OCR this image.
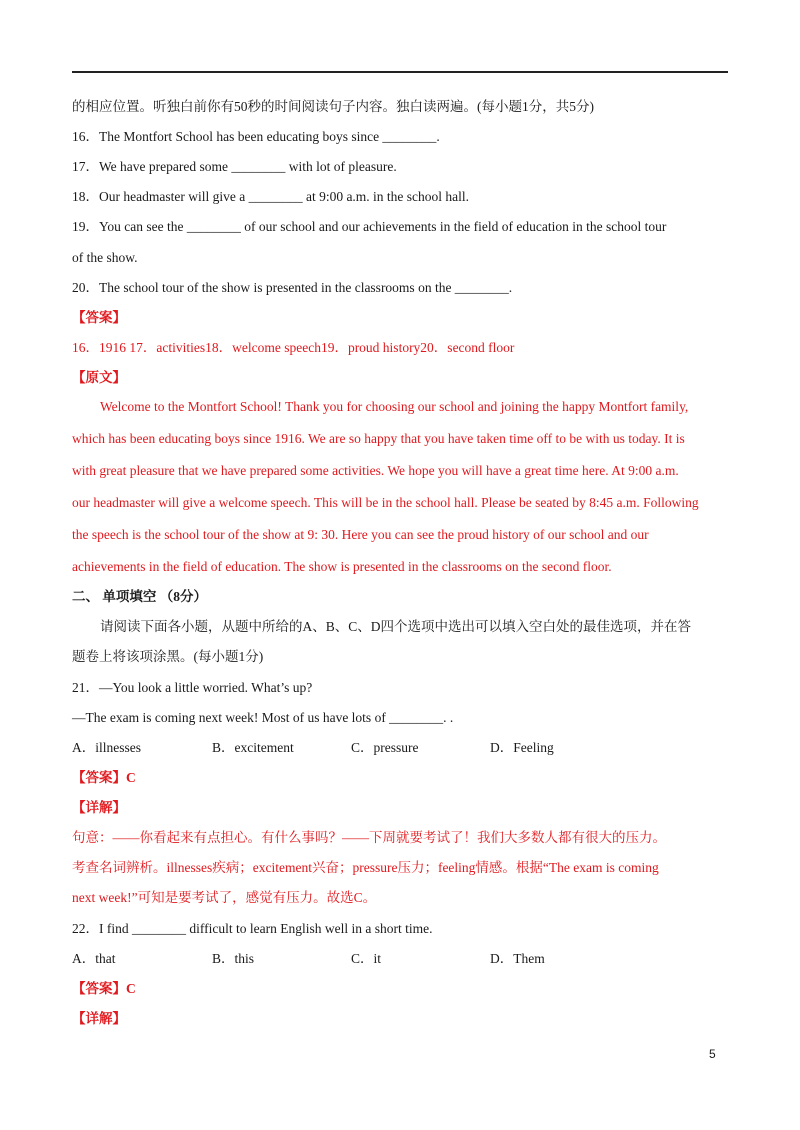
的相应位置。听独白前你有50秒的时间阅读句子内容。独白读两遍。(每小题1分，共5分)
16．The Montfort School has been educating boys since ________.
17．We have prepared some ________ with lot of pleasure.
18．Our headmaster will give a ________ at 9:00 a.m. in the school hall.
19．You can see the ________ of our school and our achievements in the field of education in the school tour
of the show.
20．The school tour of the show is presented in the classrooms on the ________.
【答案】
16．1916 17．activities18．welcome speech19．proud history20．second floor
【原文】
Welcome to the Montfort School! Thank you for choosing our school and joining the happy Montfort family,
which has been educating boys since 1916. We are so happy that you have taken time off to be with us today. It is
with great pleasure that we have prepared some activities. We hope you will have a great time here. At 9:00 a.m.
our headmaster will give a welcome speech. This will be in the school hall. Please be seated by 8:45 a.m. Following
the speech is the school tour of the show at 9: 30. Here you can see the proud history of our school and our
achievements in the field of education. The show is presented in the classrooms on the second floor.
二、 单项填空 （8分）
请阅读下面各小题，从题中所给的A、B、C、D四个选项中选出可以填入空白处的最佳选项，并在答
题卷上将该项涂黑。(每小题1分)
21．—You look a little worried. What’s up?
—The exam is coming next week! Most of us have lots of ________. .
A．illnesses	B．excitement	C．pressure	D．Feeling
【答案】C
【详解】
句意：——你看起来有点担心。有什么事吗？——下周就要考试了！我们大多数人都有很大的压力。
考查名词辨析。illnesses疾病；excitement兴奋；pressure压力；feeling情感。根据“The exam is coming
next week!”可知是要考试了，感觉有压力。故选C。
22．I find ________ difficult to learn English well in a short time.
A．that	B．this	C．it	D．Them
【答案】C
【详解】
5
